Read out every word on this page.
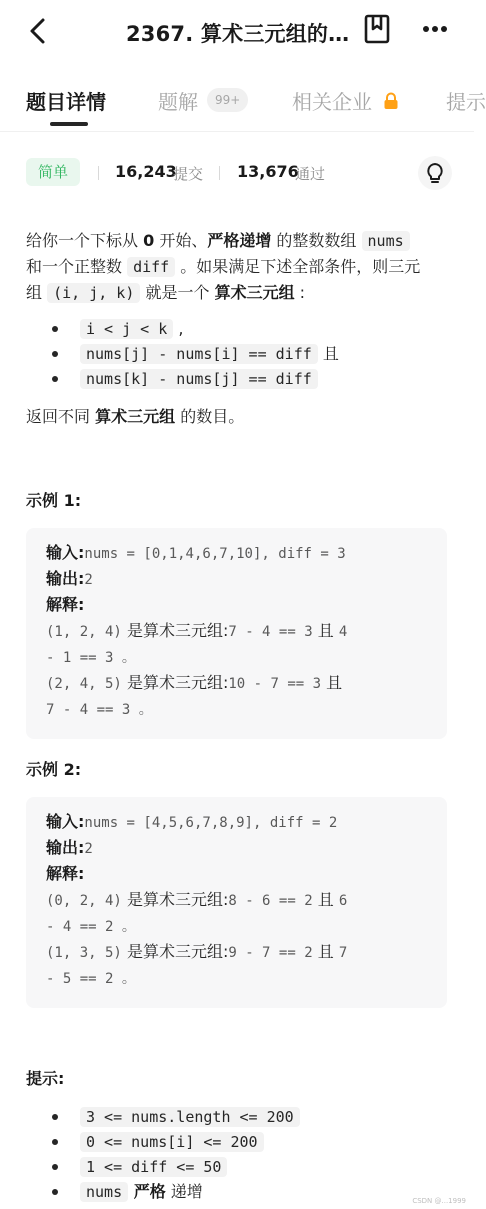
2367. 算术三元组的…
题目详情	题解	99+	相关企业	提示
简单	16,243
提交 13,676
通过
给你一个下标从 0 开始、严格递增 的整数数组 nums
和一个正整数 diff 。如果满足下述全部条件，则三元
组 (i, j, k) 就是一个 算术三元组 :
i < j < k ,
nums[j] - nums[i] == diff 且
nums[k] - nums[j] == diff
返回不同 算术三元组 的数目。
示例 1:
输入:nums = [0,1,4,6,7,10], diff = 3
输出:2
解释:
(1, 2, 4) 是算术三元组:7 - 4 == 3 且 4
- 1 == 3 。
(2, 4, 5) 是算术三元组:10 - 7 == 3 且
7 - 4 == 3 。
示例 2:
输入:nums = [4,5,6,7,8,9], diff = 2
输出:2
解释:
(0, 2, 4) 是算术三元组:8 - 6 == 2 且 6
- 4 == 2 。
(1, 3, 5) 是算术三元组:9 - 7 == 2 且 7
- 5 == 2 。
提示:
3 <= nums.length <= 200
0 <= nums[i] <= 200
1 <= diff <= 50
nums 严格 递增	CSDN @...1999
